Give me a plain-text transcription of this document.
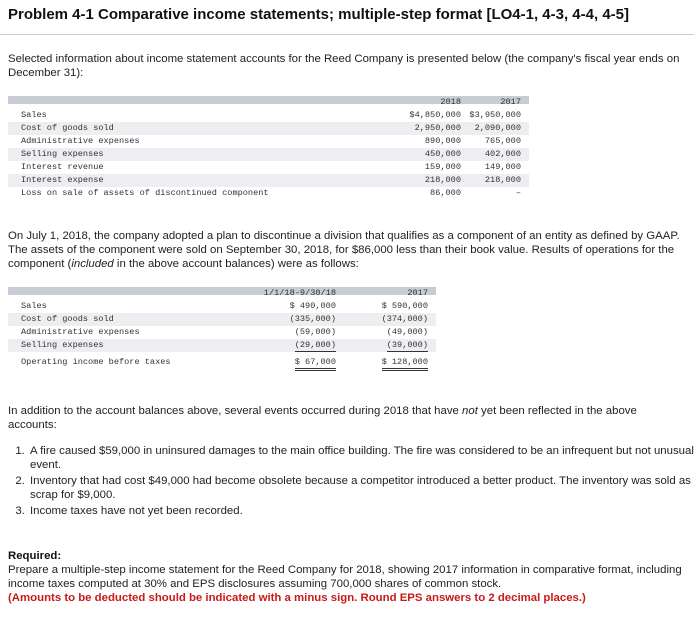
Problem 4-1 Comparative income statements; multiple-step format [LO4-1, 4-3, 4-4, 4-5]
Selected information about income statement accounts for the Reed Company is presented below (the company's fiscal year ends on December 31):
2018	2017
Sales	$4,850,000 $3,950,000
Cost of goods sold	2,950,000 2,090,000
Administrative expenses	890,000	765,000
Selling expenses	450,000	402,000
Interest revenue	159,000	149,000
Interest expense	218,000	218,000
Loss on sale of assets of discontinued component	86,000	–
On July 1, 2018, the company adopted a plan to discontinue a division that qualifies as a component of an entity as defined by GAAP. The assets of the component were sold on September 30, 2018, for $86,000 less than their book value. Results of operations for the component (included in the above account balances) were as follows:
1/1/18-9/30/18	2017
Sales	$ 490,000	$ 590,000
Cost of goods sold	(335,000)	(374,000)
Administrative expenses	(59,000)	(49,000)
Selling expenses	(29,000)	(39,000)
Operating income before taxes	$ 67,000	$ 128,000
In addition to the account balances above, several events occurred during 2018 that have not yet been reflected in the above accounts:
1. A fire caused $59,000 in uninsured damages to the main office building. The fire was considered to be an infrequent but not unusual event.
2. Inventory that had cost $49,000 had become obsolete because a competitor introduced a better product. The inventory was sold as scrap for $9,000.
3. Income taxes have not yet been recorded.
Required:
Prepare a multiple-step income statement for the Reed Company for 2018, showing 2017 information in comparative format, including income taxes computed at 30% and EPS disclosures assuming 700,000 shares of common stock.
(Amounts to be deducted should be indicated with a minus sign. Round EPS answers to 2 decimal places.)
